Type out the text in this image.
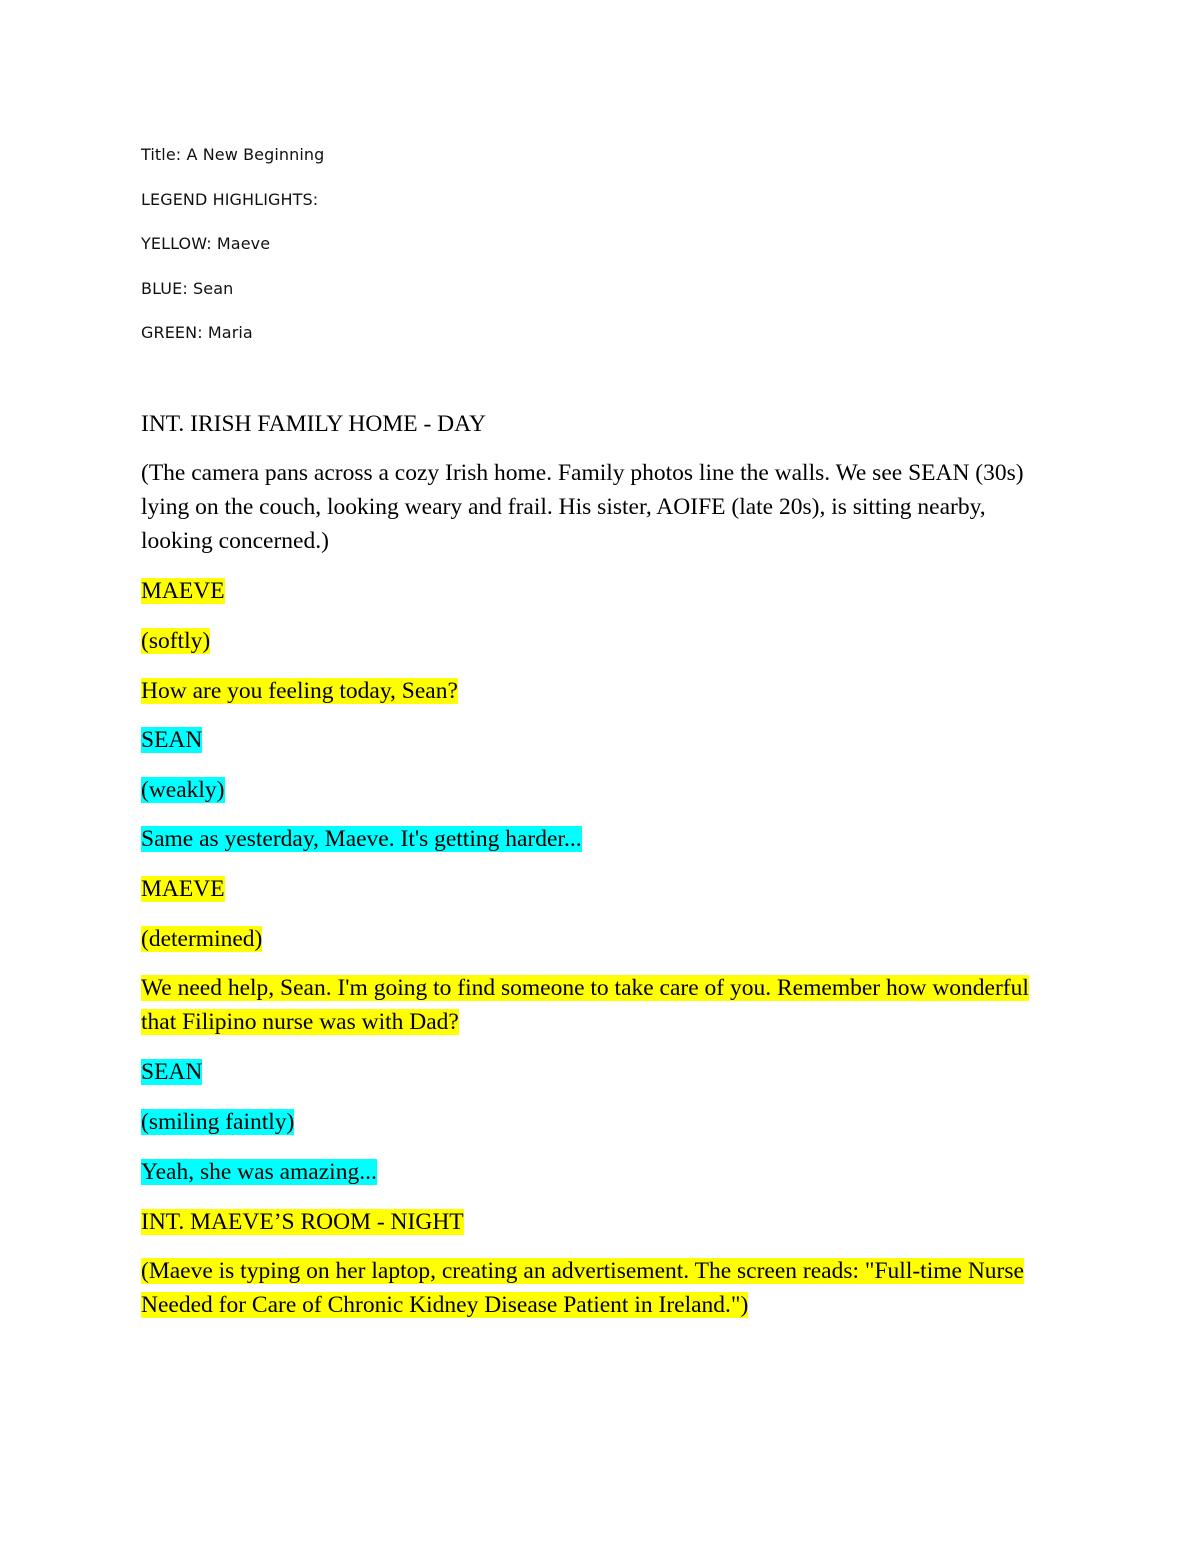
Title: A New Beginning
LEGEND HIGHLIGHTS:
YELLOW: Maeve
BLUE: Sean
GREEN: Maria
INT. IRISH FAMILY HOME - DAY

(The camera pans across a cozy Irish home. Family photos line the walls. We see SEAN (30s) lying on the couch, looking weary and frail. His sister, AOIFE (late 20s), is sitting nearby, looking concerned.)

MAEVE
(softly)
How are you feeling today, Sean?
SEAN
(weakly)
Same as yesterday, Maeve. It's getting harder...
MAEVE
(determined)

We need help, Sean. I'm going to find someone to take care of you. Remember how wonderful that Filipino nurse was with Dad?

SEAN
(smiling faintly)
Yeah, she was amazing...
INT. MAEVE’S ROOM - NIGHT

(Maeve is typing on her laptop, creating an advertisement. The screen reads: "Full-time Nurse Needed for Care of Chronic Kidney Disease Patient in Ireland.")
